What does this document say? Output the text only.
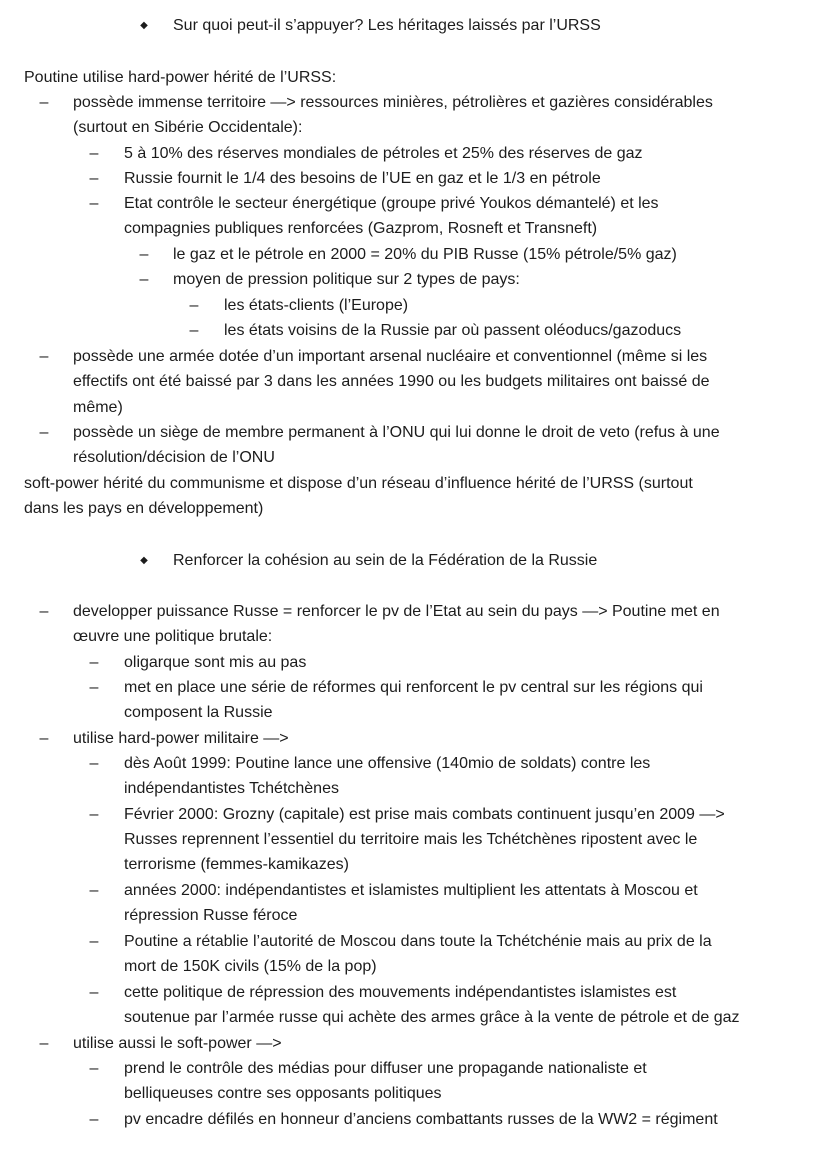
◆ Sur quoi peut-il s’appuyer? Les héritages laissés par l’URSS
Poutine utilise hard-power hérité de l’URSS:
– possède immense territoire —> ressources minières, pétrolières et gazières considérables
(surtout en Sibérie Occidentale):
– 5 à 10% des réserves mondiales de pétroles et 25% des réserves de gaz
– Russie fournit le 1/4 des besoins de l’UE en gaz et le 1/3 en pétrole
– Etat contrôle le secteur énergétique (groupe privé Youkos démantelé) et les
compagnies publiques renforcées (Gazprom, Rosneft et Transneft)
– le gaz et le pétrole en 2000 = 20% du PIB Russe (15% pétrole/5% gaz)
– moyen de pression politique sur 2 types de pays:
– les états-clients (l’Europe)
– les états voisins de la Russie par où passent oléoducs/gazoducs
– possède une armée dotée d’un important arsenal nucléaire et conventionnel (même si les
effectifs ont été baissé par 3 dans les années 1990 ou les budgets militaires ont baissé de
même)
– possède un siège de membre permanent à l’ONU qui lui donne le droit de veto (refus à une
résolution/décision de l’ONU
soft-power hérité du communisme et dispose d’un réseau d’influence hérité de l’URSS (surtout
dans les pays en développement)
◆ Renforcer la cohésion au sein de la Fédération de la Russie
– developper puissance Russe = renforcer le pv de l’Etat au sein du pays —> Poutine met en
œuvre une politique brutale:
– oligarque sont mis au pas
– met en place une série de réformes qui renforcent le pv central sur les régions qui
composent la Russie
– utilise hard-power militaire —>
– dès Août 1999: Poutine lance une offensive (140mio de soldats) contre les
indépendantistes Tchétchènes
– Février 2000: Grozny (capitale) est prise mais combats continuent jusqu’en 2009 —>
Russes reprennent l’essentiel du territoire mais les Tchétchènes ripostent avec le
terrorisme (femmes-kamikazes)
– années 2000: indépendantistes et islamistes multiplient les attentats à Moscou et
répression Russe féroce
– Poutine a rétablie l’autorité de Moscou dans toute la Tchétchénie mais au prix de la
mort de 150K civils (15% de la pop)
– cette politique de répression des mouvements indépendantistes islamistes est
soutenue par l’armée russe qui achète des armes grâce à la vente de pétrole et de gaz
– utilise aussi le soft-power —>
– prend le contrôle des médias pour diffuser une propagande nationaliste et
belliqueuses contre ses opposants politiques
– pv encadre défilés en honneur d’anciens combattants russes de la WW2 = régiment
